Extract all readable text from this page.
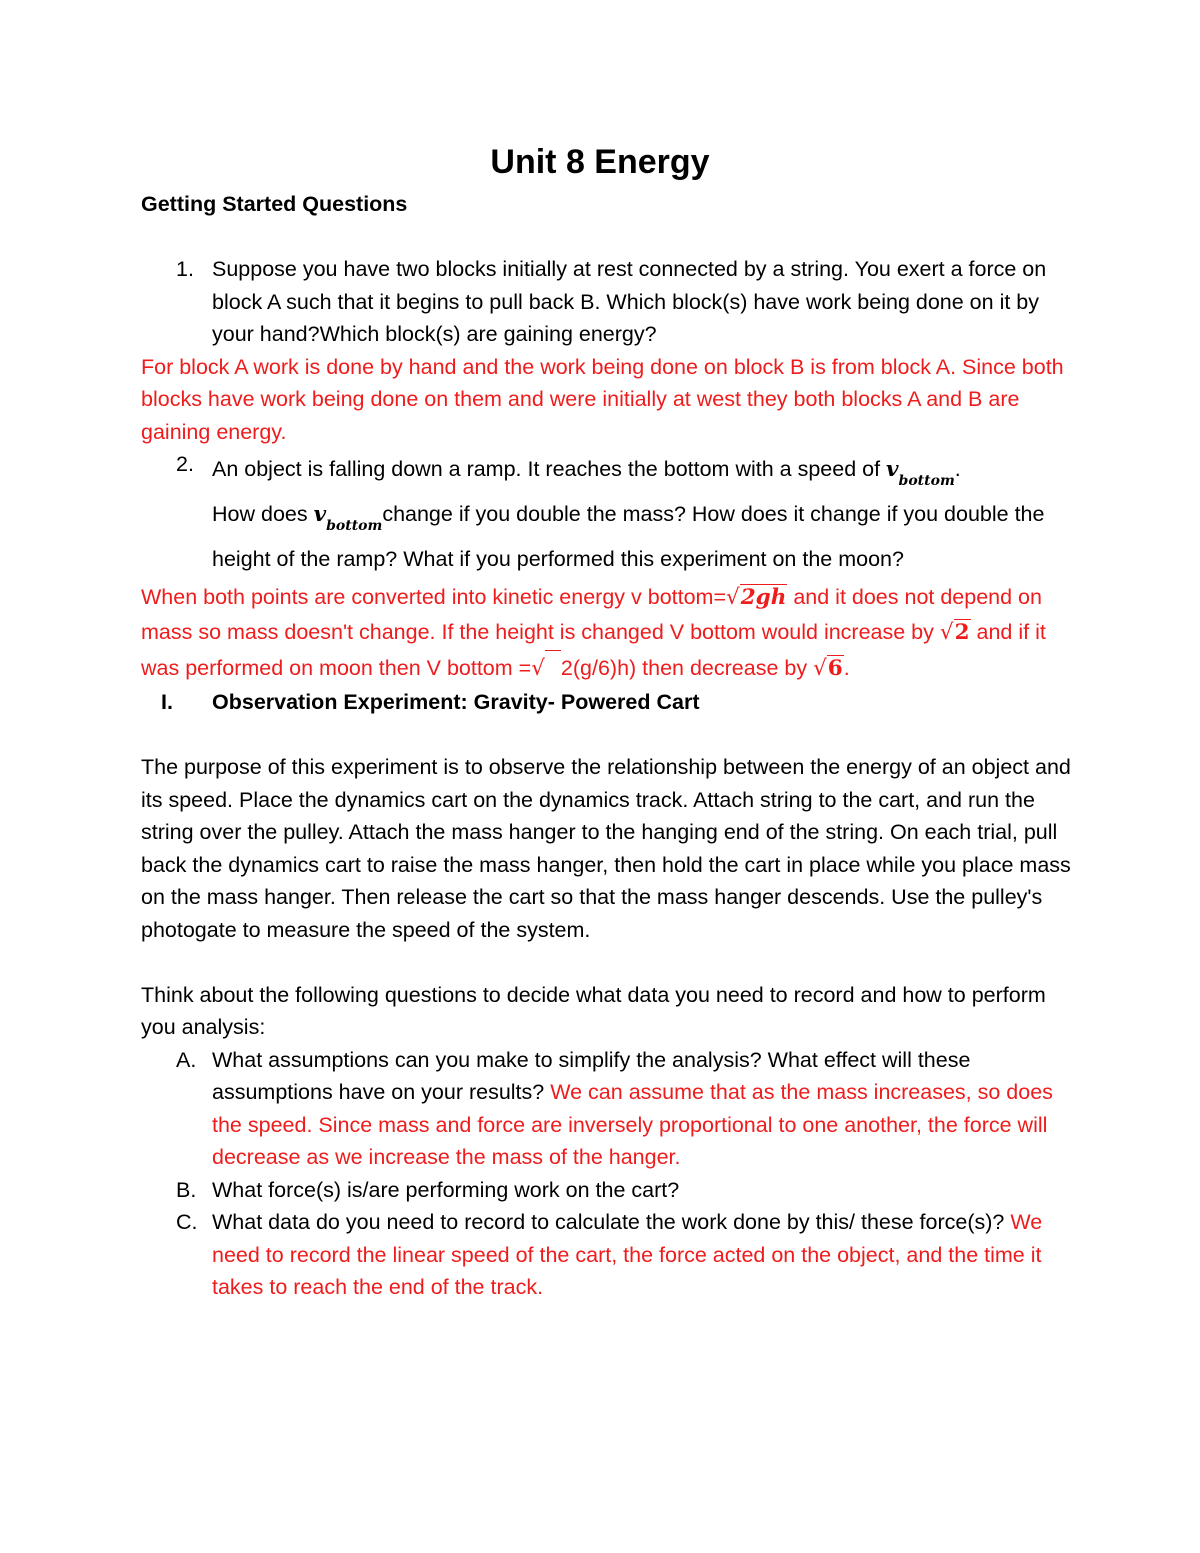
Unit 8 Energy
Getting Started Questions
1. Suppose you have two blocks initially at rest connected by a string. You exert a force on block A such that it begins to pull back B. Which block(s) have work being done on it by your hand?Which block(s) are gaining energy?
For block A work is done by hand and the work being done on block B is from block A. Since both blocks have work being done on them and were initially at west they both blocks A and B are gaining energy.
2. An object is falling down a ramp. It reaches the bottom with a speed of $v_{bottom}$.
How does $v_{bottom}change$ if you double the mass? How does it change if you double the height of the ramp? What if you performed this experiment on the moon?
When both points are converted into kinetic energy v bottom=√2gh and it does not depend on mass so mass doesn't change. If the height is changed V bottom would increase by √2 and if it was performed on moon then V bottom =√ 2(g/6)h) then decrease by √6.
I. Observation Experiment: Gravity- Powered Cart
The purpose of this experiment is to observe the relationship between the energy of an object and its speed. Place the dynamics cart on the dynamics track. Attach string to the cart, and run the string over the pulley. Attach the mass hanger to the hanging end of the string. On each trial, pull back the dynamics cart to raise the mass hanger, then hold the cart in place while you place mass on the mass hanger. Then release the cart so that the mass hanger descends. Use the pulley's photogate to measure the speed of the system.
Think about the following questions to decide what data you need to record and how to perform you analysis:
A. What assumptions can you make to simplify the analysis? What effect will these assumptions have on your results? We can assume that as the mass increases, so does the speed. Since mass and force are inversely proportional to one another, the force will decrease as we increase the mass of the hanger.
B. What force(s) is/are performing work on the cart?
C. What data do you need to record to calculate the work done by this/ these force(s)? We need to record the linear speed of the cart, the force acted on the object, and the time it takes to reach the end of the track.
